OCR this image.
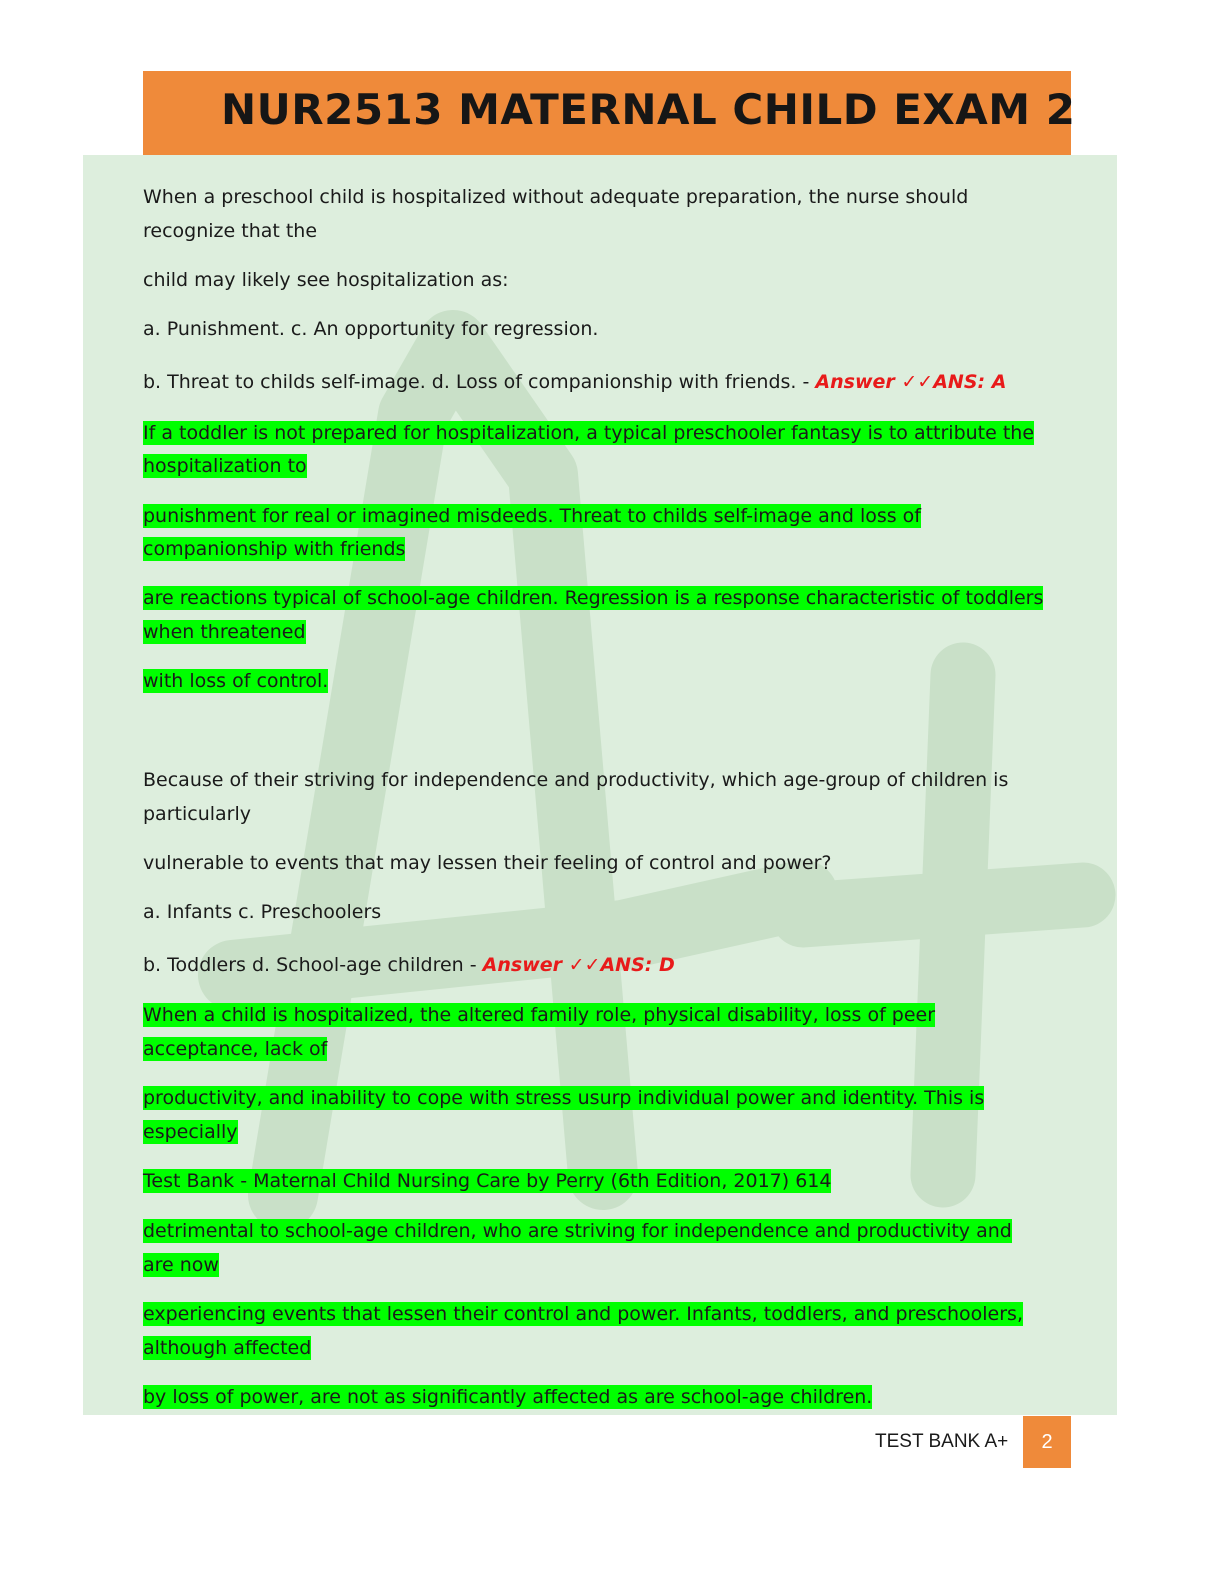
NUR2513 MATERNAL CHILD EXAM 2

When a preschool child is hospitalized without adequate preparation, the nurse should

recognize that the

child may likely see hospitalization as:

a. Punishment. c. An opportunity for regression.

b. Threat to childs self-image. d. Loss of companionship with friends. - Answer ✓✓ANS: A

If a toddler is not prepared for hospitalization, a typical preschooler fantasy is to attribute the

hospitalization to

punishment for real or imagined misdeeds. Threat to childs self-image and loss of

companionship with friends

are reactions typical of school-age children. Regression is a response characteristic of toddlers

when threatened

with loss of control.

Because of their striving for independence and productivity, which age-group of children is

particularly

vulnerable to events that may lessen their feeling of control and power?

a. Infants c. Preschoolers

b. Toddlers d. School-age children - Answer ✓✓ANS: D

When a child is hospitalized, the altered family role, physical disability, loss of peer

acceptance, lack of

productivity, and inability to cope with stress usurp individual power and identity. This is

especially

Test Bank - Maternal Child Nursing Care by Perry (6th Edition, 2017) 614

detrimental to school-age children, who are striving for independence and productivity and

are now

experiencing events that lessen their control and power. Infants, toddlers, and preschoolers,

although affected

by loss of power, are not as significantly affected as are school-age children.

TEST BANK A+	2
